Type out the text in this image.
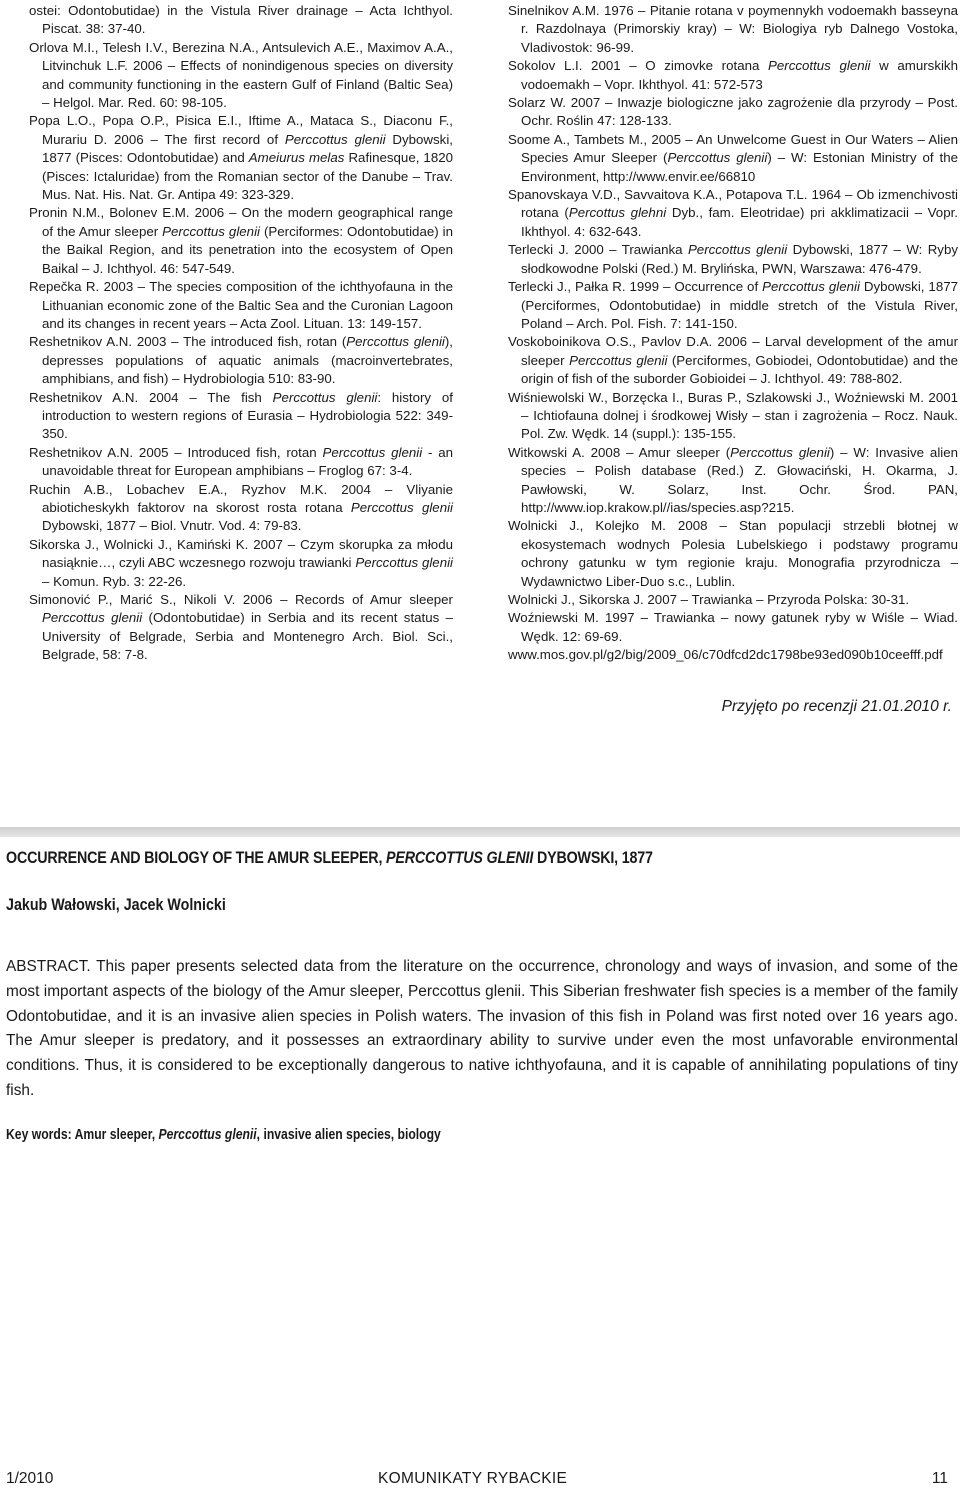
ostei: Odontobutidae) in the Vistula River drainage – Acta Ichthyol. Piscat. 38: 37-40.

Orlova M.I., Telesh I.V., Berezina N.A., Antsulevich A.E., Maximov A.A., Litvinchuk L.F. 2006 – Effects of nonindigenous species on diversity and community functioning in the eastern Gulf of Finland (Baltic Sea) – Helgol. Mar. Red. 60: 98-105.

Popa L.O., Popa O.P., Pisica E.I., Iftime A., Mataca S., Diaconu F., Murariu D. 2006 – The first record of Perccottus glenii Dybowski, 1877 (Pisces: Odontobutidae) and Ameiurus melas Rafinesque, 1820 (Pisces: Ictaluridae) from the Romanian sector of the Danube – Trav. Mus. Nat. His. Nat. Gr. Antipa 49: 323-329.

Pronin N.M., Bolonev E.M. 2006 – On the modern geographical range of the Amur sleeper Perccottus glenii (Perciformes: Odontobutidae) in the Baikal Region, and its penetration into the ecosystem of Open Baikal – J. Ichthyol. 46: 547-549.

Repečka R. 2003 – The species composition of the ichthyofauna in the Lithuanian economic zone of the Baltic Sea and the Curonian Lagoon and its changes in recent years – Acta Zool. Lituan. 13: 149-157.

Reshetnikov A.N. 2003 – The introduced fish, rotan (Perccottus glenii), depresses populations of aquatic animals (macroinvertebrates, amphibians, and fish) – Hydrobiologia 510: 83-90.

Reshetnikov A.N. 2004 – The fish Perccottus glenii: history of introduction to western regions of Eurasia – Hydrobiologia 522: 349-350.

Reshetnikov A.N. 2005 – Introduced fish, rotan Perccottus glenii - an unavoidable threat for European amphibians – Froglog 67: 3-4.

Ruchin A.B., Lobachev E.A., Ryzhov M.K. 2004 – Vliyanie abioticheskykh faktorov na skorost rosta rotana Perccottus glenii Dybowski, 1877 – Biol. Vnutr. Vod. 4: 79-83.

Sikorska J., Wolnicki J., Kamiński K. 2007 – Czym skorupka za młodu nasiąknie…, czyli ABC wczesnego rozwoju trawianki Perccottus glenii – Komun. Ryb. 3: 22-26.

Simonović P., Marić S., Nikoli V. 2006 – Records of Amur sleeper Perccottus glenii (Odontobutidae) in Serbia and its recent status – University of Belgrade, Serbia and Montenegro Arch. Biol. Sci., Belgrade, 58: 7-8.

Sinelnikov A.M. 1976 – Pitanie rotana v poymennykh vodoemakh basseyna r. Razdolnaya (Primorskiy kray) – W: Biologiya ryb Dalnego Vostoka, Vladivostok: 96-99.

Sokolov L.I. 2001 – O zimovke rotana Perccottus glenii w amurskikh vodoemakh – Vopr. Ikhthyol. 41: 572-573

Solarz W. 2007 – Inwazje biologiczne jako zagrożenie dla przyrody – Post. Ochr. Roślin 47: 128-133.

Soome A., Tambets M., 2005 – An Unwelcome Guest in Our Waters – Alien Species Amur Sleeper (Perccottus glenii) – W: Estonian Ministry of the Environment, http://www.envir.ee/66810

Spanovskaya V.D., Savvaitova K.A., Potapova T.L. 1964 – Ob izmenchivosti rotana (Percottus glehni Dyb., fam. Eleotridae) pri akklimatizacii – Vopr. Ikhthyol. 4: 632-643.

Terlecki J. 2000 – Trawianka Perccottus glenii Dybowski, 1877 – W: Ryby słodkowodne Polski (Red.) M. Brylińska, PWN, Warszawa: 476-479.

Terlecki J., Pałka R. 1999 – Occurrence of Perccottus glenii Dybowski, 1877 (Perciformes, Odontobutidae) in middle stretch of the Vistula River, Poland – Arch. Pol. Fish. 7: 141-150.

Voskoboinikova O.S., Pavlov D.A. 2006 – Larval development of the amur sleeper Perccottus glenii (Perciformes, Gobiodei, Odontobutidae) and the origin of fish of the suborder Gobioidei – J. Ichthyol. 49: 788-802.

Wiśniewolski W., Borzęcka I., Buras P., Szlakowski J., Woźniewski M. 2001 – Ichtiofauna dolnej i środkowej Wisły – stan i zagrożenia – Rocz. Nauk. Pol. Zw. Wędk. 14 (suppl.): 135-155.

Witkowski A. 2008 – Amur sleeper (Perccottus glenii) – W: Invasive alien species – Polish database (Red.) Z. Głowaciński, H. Okarma, J. Pawłowski, W. Solarz, Inst. Ochr. Środ. PAN, http://www.iop.krakow.pl//ias/species.asp?215.

Wolnicki J., Kolejko M. 2008 – Stan populacji strzebli błotnej w ekosystemach wodnych Polesia Lubelskiego i podstawy programu ochrony gatunku w tym regionie kraju. Monografia przyrodnicza – Wydawnictwo Liber-Duo s.c., Lublin.

Wolnicki J., Sikorska J. 2007 – Trawianka – Przyroda Polska: 30-31.

Woźniewski M. 1997 – Trawianka – nowy gatunek ryby w Wiśle – Wiad. Wędk. 12: 69-69.

www.mos.gov.pl/g2/big/2009_06/c70dfcd2dc1798be93ed090b10ceefff.pdf

Przyjęto po recenzji 21.01.2010 r.
OCCURRENCE AND BIOLOGY OF THE AMUR SLEEPER, PERCCOTTUS GLENII DYBOWSKI, 1877

Jakub Wałowski, Jacek Wolnicki

ABSTRACT. This paper presents selected data from the literature on the occurrence, chronology and ways of invasion, and some of the most important aspects of the biology of the Amur sleeper, Perccottus glenii. This Siberian freshwater fish species is a member of the family Odontobutidae, and it is an invasive alien species in Polish waters. The invasion of this fish in Poland was first noted over 16 years ago. The Amur sleeper is predatory, and it possesses an extraordinary ability to survive under even the most unfavorable environmental conditions. Thus, it is considered to be exceptionally dangerous to native ichthyofauna, and it is capable of annihilating populations of tiny fish.

Key words: Amur sleeper, Perccottus glenii, invasive alien species, biology

1/2010	KOMUNIKATY RYBACKIE	11
